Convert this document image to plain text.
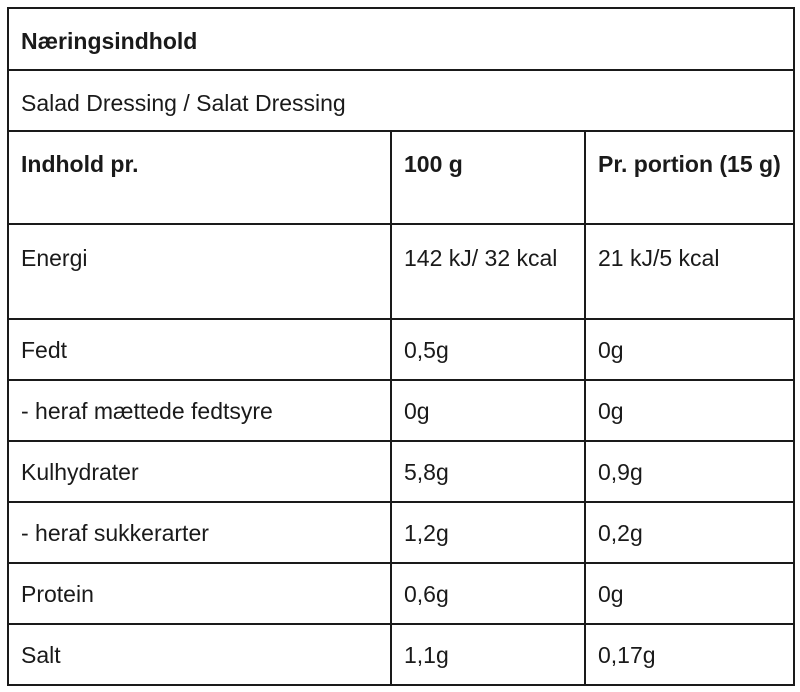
Næringsindhold		
Salad Dressing / Salat Dressing		
Indhold pr.	100 g	Pr. portion (15 g)
Energi	142 kJ/ 32 kcal	21 kJ/5 kcal
Fedt	0,5g	0g
- heraf mættede fedtsyre	0g	0g
Kulhydrater	5,8g	0,9g
- heraf sukkerarter	1,2g	0,2g
Protein	0,6g	0g
Salt	1,1g	0,17g
